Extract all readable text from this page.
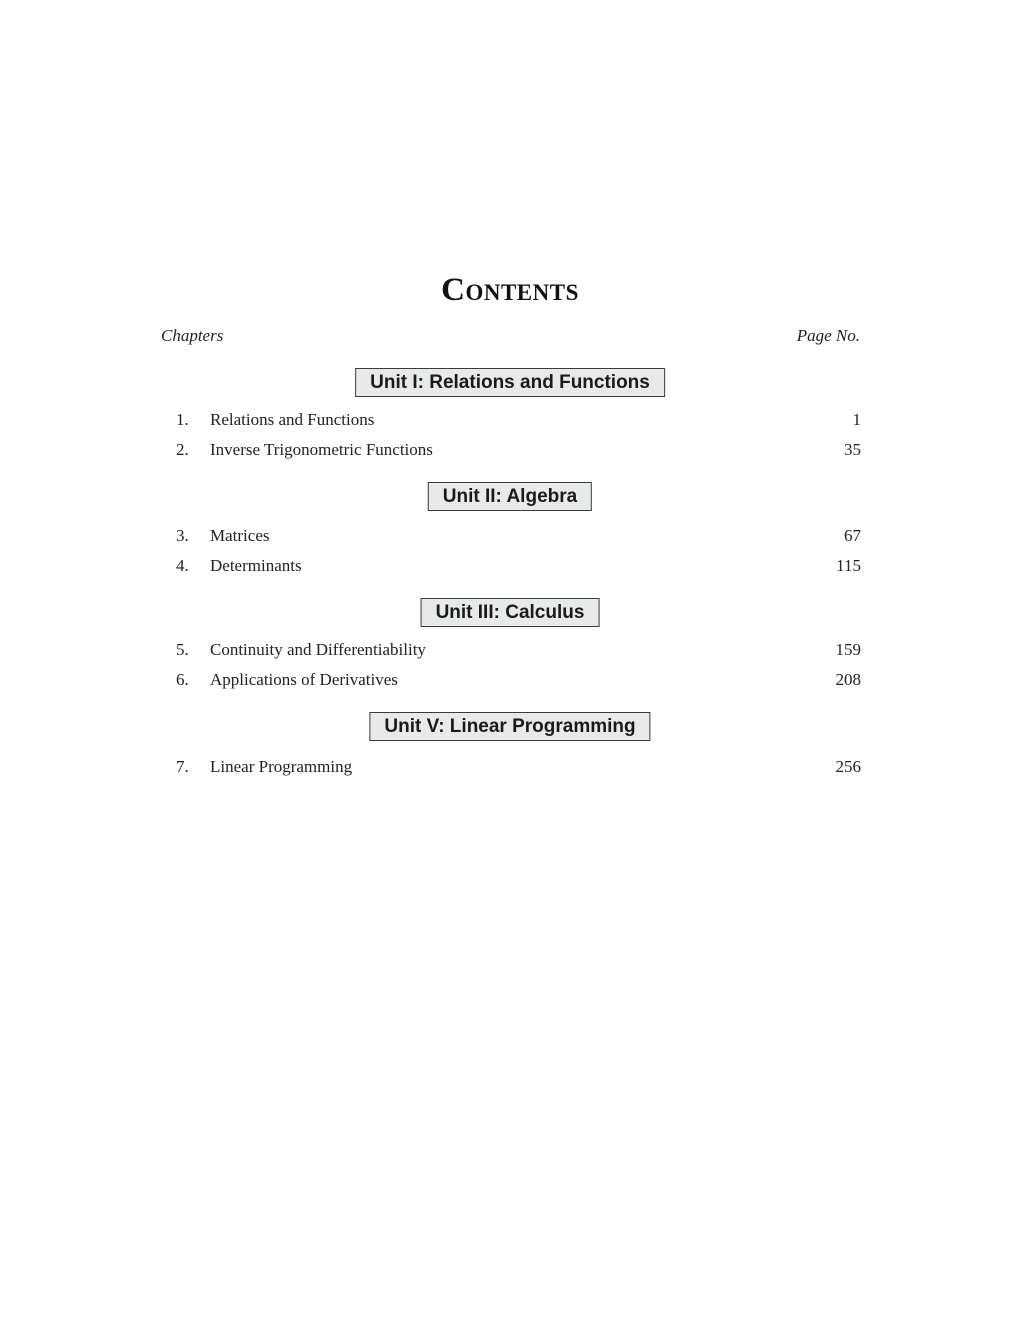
CONTENTS
Chapters	Page No.
Unit I: Relations and Functions
1. Relations and Functions	1
2. Inverse Trigonometric Functions	35
Unit II: Algebra
3. Matrices	67
4. Determinants	115
Unit III: Calculus
5. Continuity and Differentiability	159
6. Applications of Derivatives	208
Unit V: Linear Programming
7. Linear Programming	256
